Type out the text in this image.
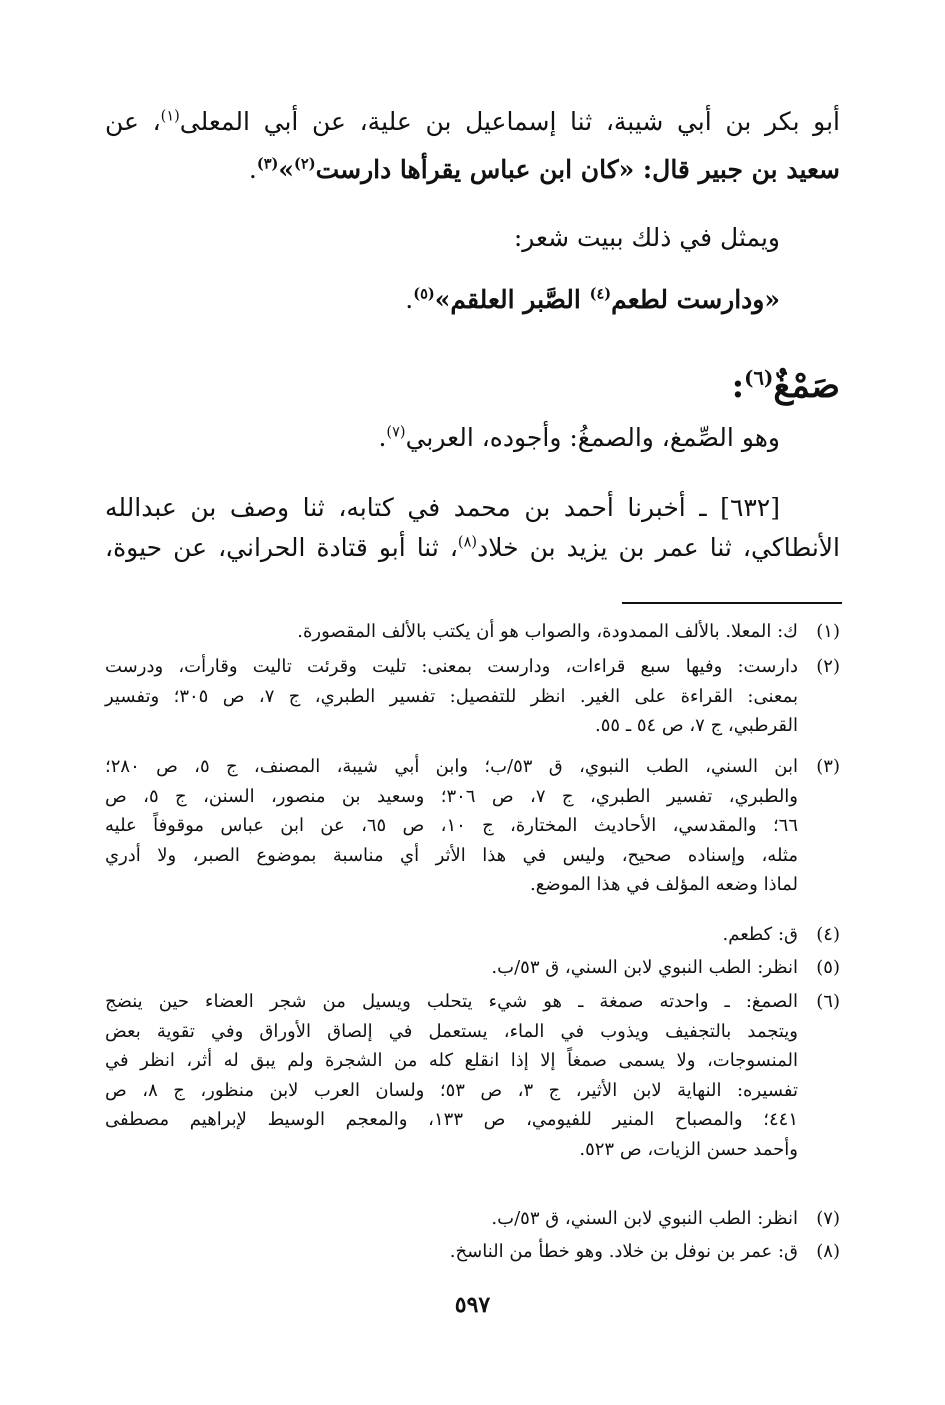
أبو بكر بن أبي شيبة، ثنا إسماعيل بن علية، عن أبي المعلى$^{(١)}$، عن
سعيد بن جبير قال: «كان ابن عباس يقرأها دارست$^{(٢)}$»$^{(٣)}$.
ويمثل في ذلك ببيت شعر:
«ودارست لطعم$^{(٤)}$ الصَّبر العلقم»$^{(٥)}$.
صَمْغٌ$^{(٦)}$:
وهو الصِّمغ، والصمغُ: وأجوده، العربي$^{(٧)}$.
[٦٣٢] ـ أخبرنا أحمد بن محمد في كتابه، ثنا وصف بن عبدالله
الأنطاكي، ثنا عمر بن يزيد بن خلاد$^{(٨)}$، ثنا أبو قتادة الحراني، عن حيوة،
(١)
ك: المعلا. بالألف الممدودة، والصواب هو أن يكتب بالألف المقصورة.
(٢)
دارست: وفيها سبع قراءات، ودارست بمعنى: تليت وقرئت تاليت وقارأت، ودرست
بمعنى: القراءة على الغير. انظر للتفصيل: تفسير الطبري، ج ٧، ص ٣٠٥؛ وتفسير
القرطبي، ج ٧، ص ٥٤ ـ ٥٥.
(٣)
ابن السني، الطب النبوي، ق ٥٣/ب؛ وابن أبي شيبة، المصنف، ج ٥، ص ٢٨٠؛
والطبري، تفسير الطبري، ج ٧، ص ٣٠٦؛ وسعيد بن منصور، السنن، ج ٥، ص
٦٦؛ والمقدسي، الأحاديث المختارة، ج ١٠، ص ٦٥، عن ابن عباس موقوفاً عليه
مثله، وإسناده صحيح، وليس في هذا الأثر أي مناسبة بموضوع الصبر، ولا أدري
لماذا وضعه المؤلف في هذا الموضع.
(٤)
ق: كطعم.
(٥)
انظر: الطب النبوي لابن السني، ق ٥٣/ب.
(٦)
الصمغ: ـ واحدته صمغة ـ هو شيء يتحلب ويسيل من شجر العضاء حين ينضج
ويتجمد بالتجفيف ويذوب في الماء، يستعمل في إلصاق الأوراق وفي تقوية بعض
المنسوجات، ولا يسمى صمغاً إلا إذا انقلع كله من الشجرة ولم يبق له أثر، انظر في
تفسيره: النهاية لابن الأثير، ج ٣، ص ٥٣؛ ولسان العرب لابن منظور، ج ٨، ص
٤٤١؛ والمصباح المنير للفيومي، ص ١٣٣، والمعجم الوسيط لإبراهيم مصطفى
وأحمد حسن الزيات، ص ٥٢٣.
(٧)
انظر: الطب النبوي لابن السني، ق ٥٣/ب.
(٨)
ق: عمر بن نوفل بن خلاد. وهو خطأ من الناسخ.
٥٩٧
